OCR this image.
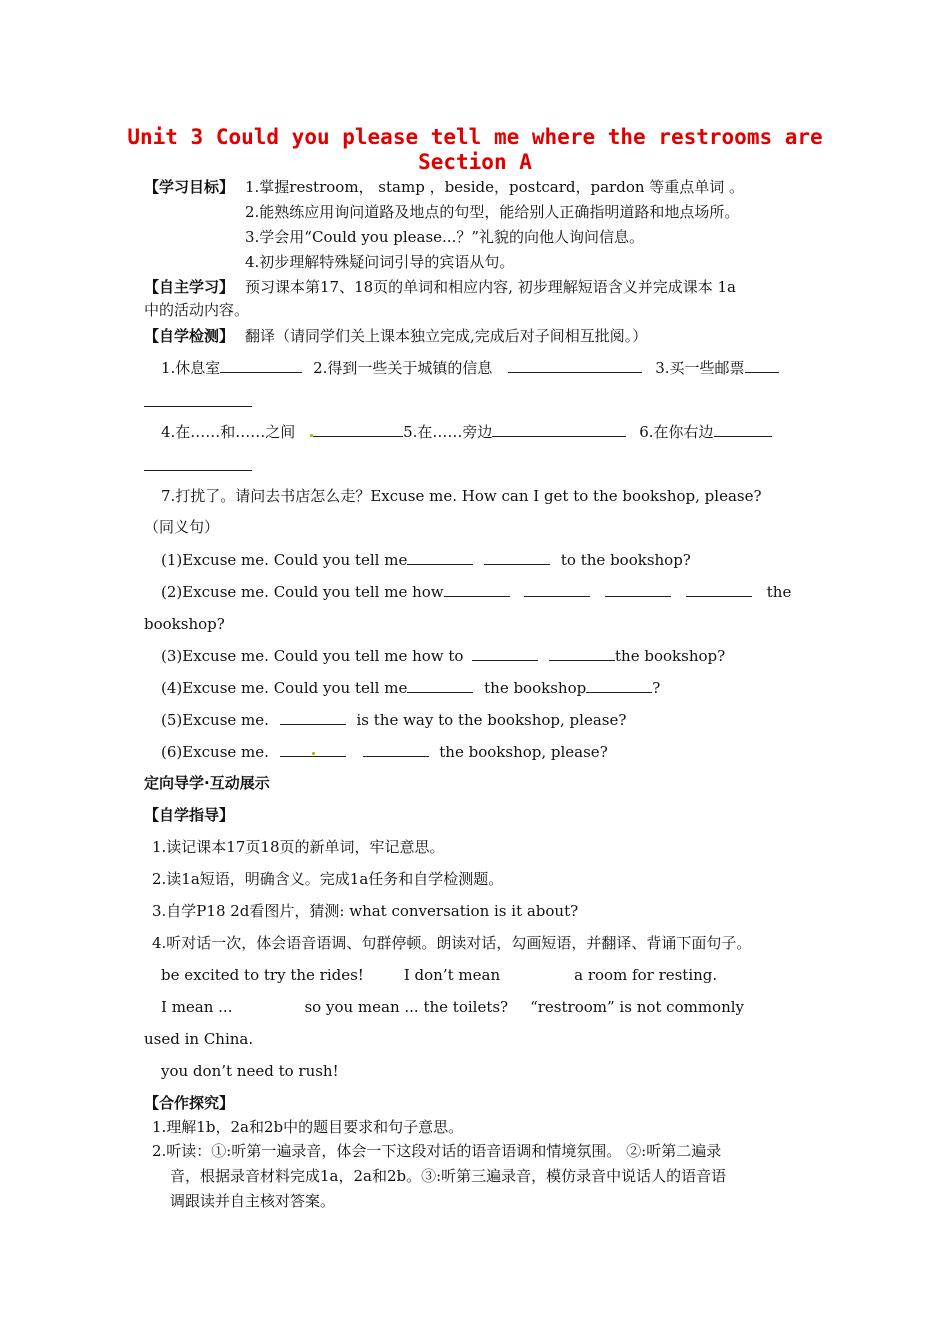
Unit 3 Could you please tell me where the restrooms are
Section A
【学习目标】 1.掌握restroom， stamp ，beside，postcard，pardon 等重点单词 。
2.能熟练应用询问道路及地点的句型，能给别人正确指明道路和地点场所。
3.学会用“Could you please...？”礼貌的向他人询问信息。
4.初步理解特殊疑问词引导的宾语从句。
【自主学习】 预习课本第17、18页的单词和相应内容, 初步理解短语含义并完成课本 1a
中的活动内容。
【自学检测】 翻译（请同学们关上课本独立完成,完成后对子间相互批阅。）
1.休息室	2.得到一些关于城镇的信息	3.买一些邮票
4.在……和……之间	5.在……旁边	6.在你右边
7.打扰了。请问去书店怎么走？Excuse me. How can I get to the bookshop, please?
（同义句）
(1)Excuse me. Could you tell me	to the bookshop?
(2)Excuse me. Could you tell me how	the
bookshop?
(3)Excuse me. Could you tell me how to	the bookshop?
(4)Excuse me. Could you tell me	the bookshop	?
(5)Excuse me.	is the way to the bookshop, please?
(6)Excuse me.	the bookshop, please?
定向导学·互动展示
【自学指导】
1.读记课本17页18页的新单词，牢记意思。
2.读1a短语，明确含义。完成1a任务和自学检测题。
3.自学P18 2d看图片，猜测: what conversation is it about?
4.听对话一次，体会语音语调、句群停顿。朗读对话，勾画短语，并翻译、背诵下面句子。
be excited to try the rides!	I don’t mean	a room for resting.
I mean ...	so you mean ... the toilets? “restroom” is not commonly
used in China.
you don’t need to rush!
【合作探究】
1.理解1b，2a和2b中的题目要求和句子意思。
2.听读：①:听第一遍录音，体会一下这段对话的语音语调和情境氛围。 ②:听第二遍录
音，根据录音材料完成1a，2a和2b。③:听第三遍录音，模仿录音中说话人的语音语
调跟读并自主核对答案。
